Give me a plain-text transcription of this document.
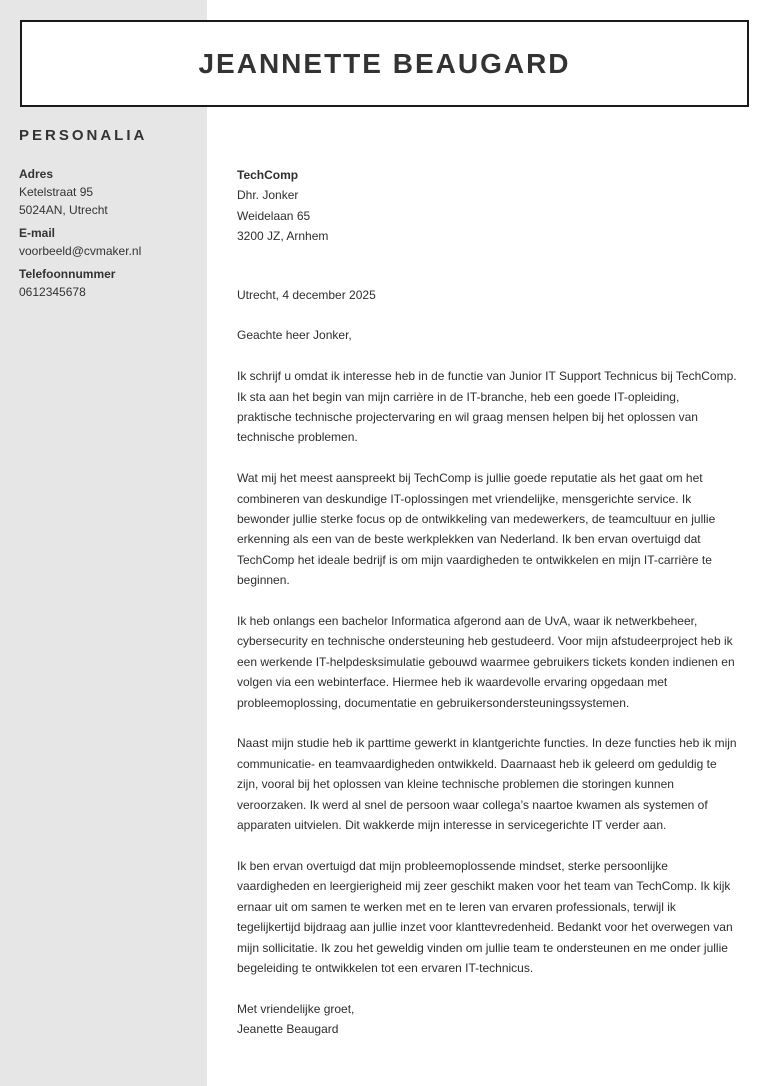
JEANNETTE BEAUGARD
PERSONALIA
Adres
Ketelstraat 95
5024AN, Utrecht
E-mail
voorbeeld@cvmaker.nl
Telefoonnummer
0612345678

TechComp

Dhr. Jonker

Weidelaan 65

3200 JZ, Arnhem

Utrecht, 4 december 2025

Geachte heer Jonker,

Ik schrijf u omdat ik interesse heb in de functie van Junior IT Support Technicus bij TechComp. Ik sta aan het begin van mijn carrière in de IT-branche, heb een goede IT-opleiding, praktische technische projectervaring en wil graag mensen helpen bij het oplossen van technische problemen.

Wat mij het meest aanspreekt bij TechComp is jullie goede reputatie als het gaat om het combineren van deskundige IT-oplossingen met vriendelijke, mensgerichte service. Ik bewonder jullie sterke focus op de ontwikkeling van medewerkers, de teamcultuur en jullie erkenning als een van de beste werkplekken van Nederland. Ik ben ervan overtuigd dat TechComp het ideale bedrijf is om mijn vaardigheden te ontwikkelen en mijn IT-carrière te beginnen.

Ik heb onlangs een bachelor Informatica afgerond aan de UvA, waar ik netwerkbeheer, cybersecurity en technische ondersteuning heb gestudeerd. Voor mijn afstudeerproject heb ik een werkende IT-helpdesksimulatie gebouwd waarmee gebruikers tickets konden indienen en volgen via een webinterface. Hiermee heb ik waardevolle ervaring opgedaan met probleemoplossing, documentatie en gebruikersondersteuningssystemen.

Naast mijn studie heb ik parttime gewerkt in klantgerichte functies. In deze functies heb ik mijn communicatie- en teamvaardigheden ontwikkeld. Daarnaast heb ik geleerd om geduldig te zijn, vooral bij het oplossen van kleine technische problemen die storingen kunnen veroorzaken. Ik werd al snel de persoon waar collega’s naartoe kwamen als systemen of apparaten uitvielen. Dit wakkerde mijn interesse in servicegerichte IT verder aan.

Ik ben ervan overtuigd dat mijn probleemoplossende mindset, sterke persoonlijke vaardigheden en leergierigheid mij zeer geschikt maken voor het team van TechComp. Ik kijk ernaar uit om samen te werken met en te leren van ervaren professionals, terwijl ik tegelijkertijd bijdraag aan jullie inzet voor klanttevredenheid. Bedankt voor het overwegen van mijn sollicitatie. Ik zou het geweldig vinden om jullie team te ondersteunen en me onder jullie begeleiding te ontwikkelen tot een ervaren IT-technicus.

Met vriendelijke groet,

Jeanette Beaugard
